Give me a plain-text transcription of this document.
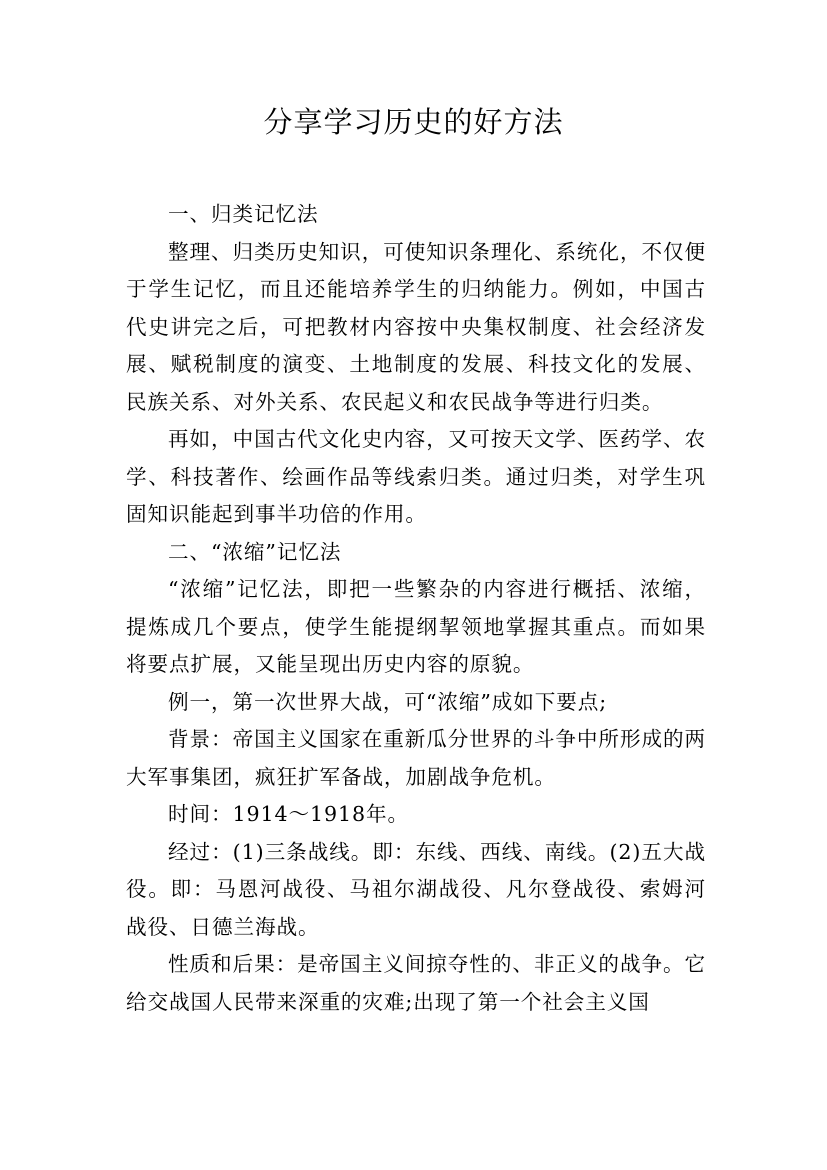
分享学习历史的好方法

一、归类记忆法

整理、归类历史知识，可使知识条理化、系统化，不仅便于学生记忆，而且还能培养学生的归纳能力。例如，中国古代史讲完之后，可把教材内容按中央集权制度、社会经济发展、赋税制度的演变、土地制度的发展、科技文化的发展、民族关系、对外关系、农民起义和农民战争等进行归类。

再如，中国古代文化史内容，又可按天文学、医药学、农学、科技著作、绘画作品等线索归类。通过归类，对学生巩固知识能起到事半功倍的作用。

二、“浓缩”记忆法

“浓缩”记忆法，即把一些繁杂的内容进行概括、浓缩，提炼成几个要点，使学生能提纲挈领地掌握其重点。而如果将要点扩展，又能呈现出历史内容的原貌。

例一，第一次世界大战，可“浓缩”成如下要点;

背景：帝国主义国家在重新瓜分世界的斗争中所形成的两大军事集团，疯狂扩军备战，加剧战争危机。

时间：1914～1918年。

经过：(1)三条战线。即：东线、西线、南线。(2)五大战役。即：马恩河战役、马祖尔湖战役、凡尔登战役、索姆河战役、日德兰海战。

性质和后果：是帝国主义间掠夺性的、非正义的战争。它给交战国人民带来深重的灾难;出现了第一个社会主义国
